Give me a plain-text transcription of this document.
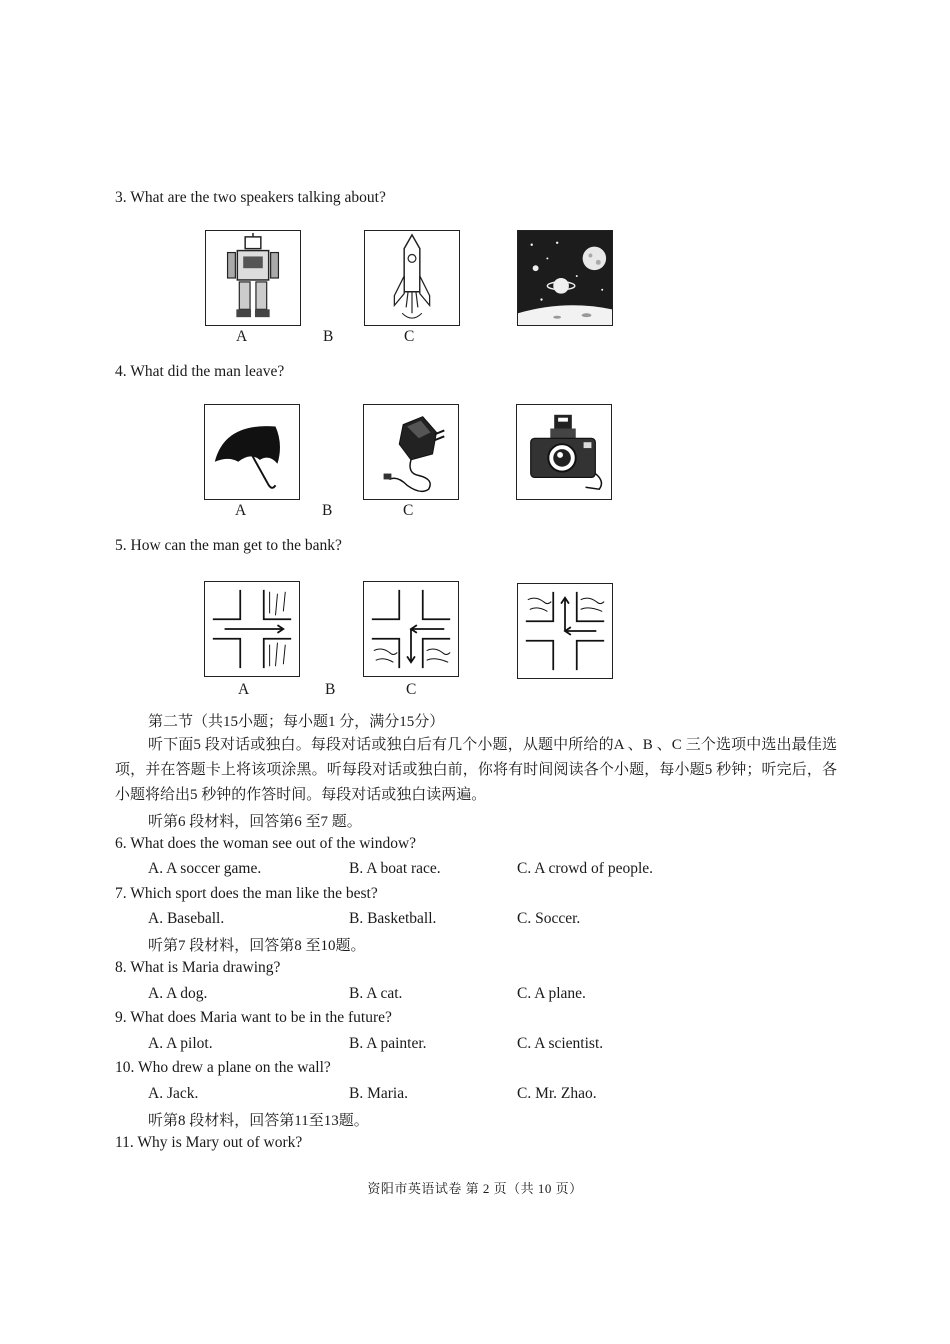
3. What are the two speakers talking about?
A	B	C
4. What did the man leave?
A	B	C
5. How can the man get to the bank?
A	B	C
第二节（共15小题；每小题1 分，满分15分）
听下面5 段对话或独白。每段对话或独白后有几个小题，从题中所给的A 、B 、C 三个选项中选出最佳选项，并在答题卡上将该项涂黑。听每段对话或独白前，你将有时间阅读各个小题，每小题5 秒钟；听完后，各小题将给出5 秒钟的作答时间。每段对话或独白读两遍。
听第6 段材料，回答第6 至7 题。
6. What does the woman see out of the window?
A. A soccer game.	B. A boat race.	C. A crowd of people.
7. Which sport does the man like the best?
A. Baseball.	B. Basketball.	C. Soccer.
听第7 段材料，回答第8 至10题。
8. What is Maria drawing?
A. A dog.	B. A cat.	C. A plane.
9. What does Maria want to be in the future?
A. A pilot.	B. A painter.	C. A scientist.
10. Who drew a plane on the wall?
A. Jack.	B. Maria.	C. Mr. Zhao.
听第8 段材料，回答第11至13题。
11. Why is Mary out of work?
资阳市英语试卷 第 2 页（共 10 页）
